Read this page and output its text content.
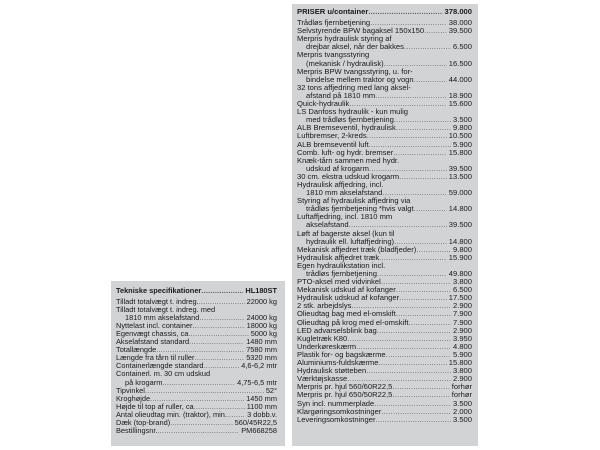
PRISER u/container .....	378.000
Trådløs fjernbetjening .....	38.000
Selvstyrende BPW bagaksel 150x150 .....	39.500
Merpris hydraulisk styring af
drejbar aksel, når der bakkes .....	6.500
Merpris tvangsstyring
(mekanisk / hydraulisk) .....	16.500
Merpris BPW tvangsstyring, u. for-
bindelse mellem traktor og vogn .....	44.000
32 tons affjedring med lang aksel-
afstand på 1810 mm .....	18.900
Quick-hydraulik .....	15.600
LS Danfoss hydraulik - kun mulig
med trådløs fjernbetjening .....	3.500
ALB Bremseventil, hydraulisk .....	9.800
Luftbremser, 2-kreds .....	10.500
ALB bremseventil luft .....	5.900
Comb. luft- og hydr. bremser .....	15.800
Knæk-tårn sammen med hydr.
udskud af krogarm .....	39.500
30 cm. ekstra udskud krogarm .....	13.500
Hydraulisk affjedring, incl.
1810 mm akselafstand .....	59.000
Styring af hydraulisk affjedring via
trådløs fjernbetjening *hvis valgt .....	14.800
Luftaffjedring, incl. 1810 mm
akselafstand .....	39.500
Løft af bagerste aksel (kun til
hydraulik ell. luftaffjedring) .....	14.800
Mekanisk affjedret træk (bladfjeder) .....	9.800
Hydraulisk affjedret træk .....	15.900
Egen hydraulikstation incl.
trådløs fjernbetjening .....	49.800
PTO-aksel med vidvinkel .....	3.800
Mekanisk udskud af kofanger .....	6.500
Hydraulisk udskud af kofanger .....	17.500
2 stk. arbejdslys .....	2.900
Oliеudtag bag med el-omskift .....	7.900
Olieudtag på krog med el-omskift .....	7.900
LED advarselsblink bag .....	2.900
Kugletræk K80 .....	3.950
Underkøreskærm .....	4.800
Plastik for- og bagskærme .....	5.900
Aluminiums-fuldskærme .....	15.800
Hydraulisk støtteben .....	3.800
Værktøjskasse .....	2.900
Merpris pr. hjul 560/60R22,5 .....	forhør
Merpris pr. hjul 650/50R22,5 .....	forhør
Syn incl. nummerplade .....	3.500
Klargøringsomkostninger .....	2.000
Leveringsomkostninger .....	3.500
Tekniske specifikationer .....	HL180ST
Tilladt totalvægt t. indreg. .....	22000 kg
Tilladt totalvægt t. indreg. med
1810 mm akselafstand .....	24000 kg
Nyttelast incl. container .....	18000 kg
Egenvægt chassis, ca .....	5000 kg
Akselafstand standard .....	1480 mm
Totallængde .....	7580 mm
Længde fra tårn til ruller .....	5320 mm
Containerlængde standard .....	4,6-6,2 mtr
Containerl. m. 30 cm udskud
på krogarm .....	4,75-6,5 mtr
Tipvinkel .....	52°
Kroghøjde .....	1450 mm
Højde til top af ruller, ca .....	1100 mm
Antal olieudtag min. (traktor), min. .....	3 dobb.v.
Dæk (top-brand) .....	560/45R22,5
Bestillingsnr. .....	PM668258
